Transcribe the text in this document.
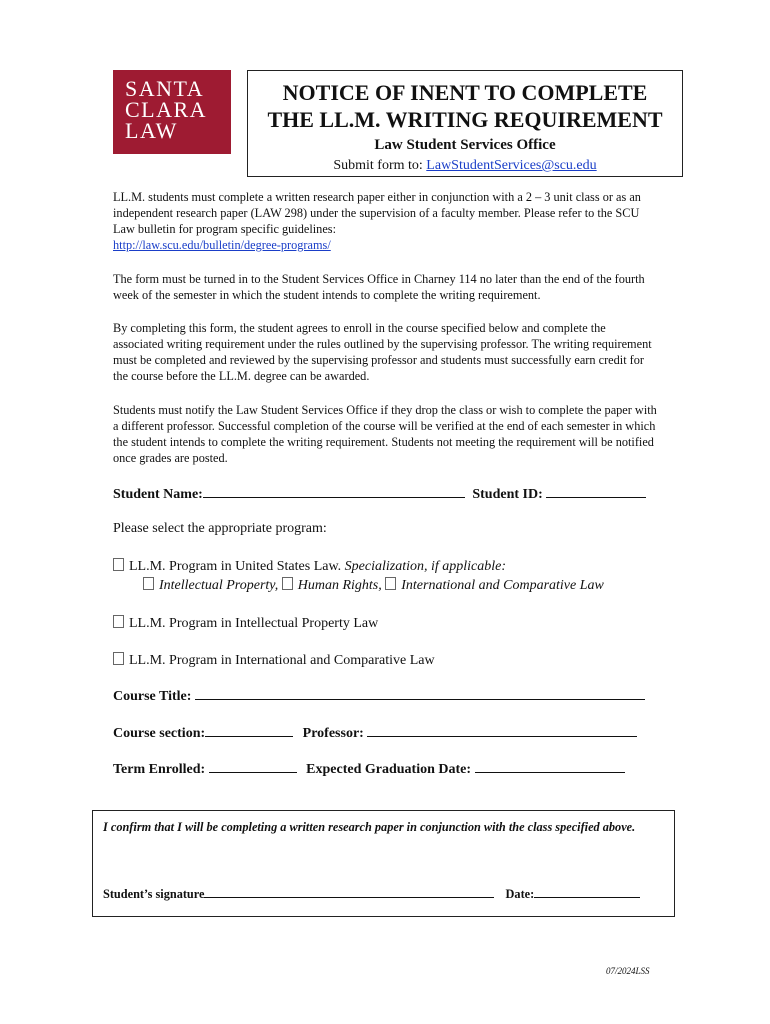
SANTA
CLARA
LAW
NOTICE OF INENT TO COMPLETE
THE LL.M. WRITING REQUIREMENT
Law Student Services Office
Submit form to: LawStudentServices@scu.edu
LL.M. students must complete a written research paper either in conjunction with a 2 – 3 unit class or as an independent research paper (LAW 298) under the supervision of a faculty member. Please refer to the SCU Law bulletin for program specific guidelines:
http://law.scu.edu/bulletin/degree-programs/
The form must be turned in to the Student Services Office in Charney 114 no later than the end of the fourth week of the semester in which the student intends to complete the writing requirement.
By completing this form, the student agrees to enroll in the course specified below and complete the associated writing requirement under the rules outlined by the supervising professor. The writing requirement must be completed and reviewed by the supervising professor and students must successfully earn credit for the course before the LL.M. degree can be awarded.
Students must notify the Law Student Services Office if they drop the class or wish to complete the paper with a different professor. Successful completion of the course will be verified at the end of each semester in which the student intends to complete the writing requirement. Students not meeting the requirement will be notified once grades are posted.
Student Name:	Student ID:
Please select the appropriate program:
LL.M. Program in United States Law. Specialization, if applicable:
Intellectual Property, Human Rights, International and Comparative Law
LL.M. Program in Intellectual Property Law
LL.M. Program in International and Comparative Law
Course Title:
Course section:	Professor:
Term Enrolled:	Expected Graduation Date:
I confirm that I will be completing a written research paper in conjunction with the class specified above.
Student’s signature	Date:
07/2024LSS
